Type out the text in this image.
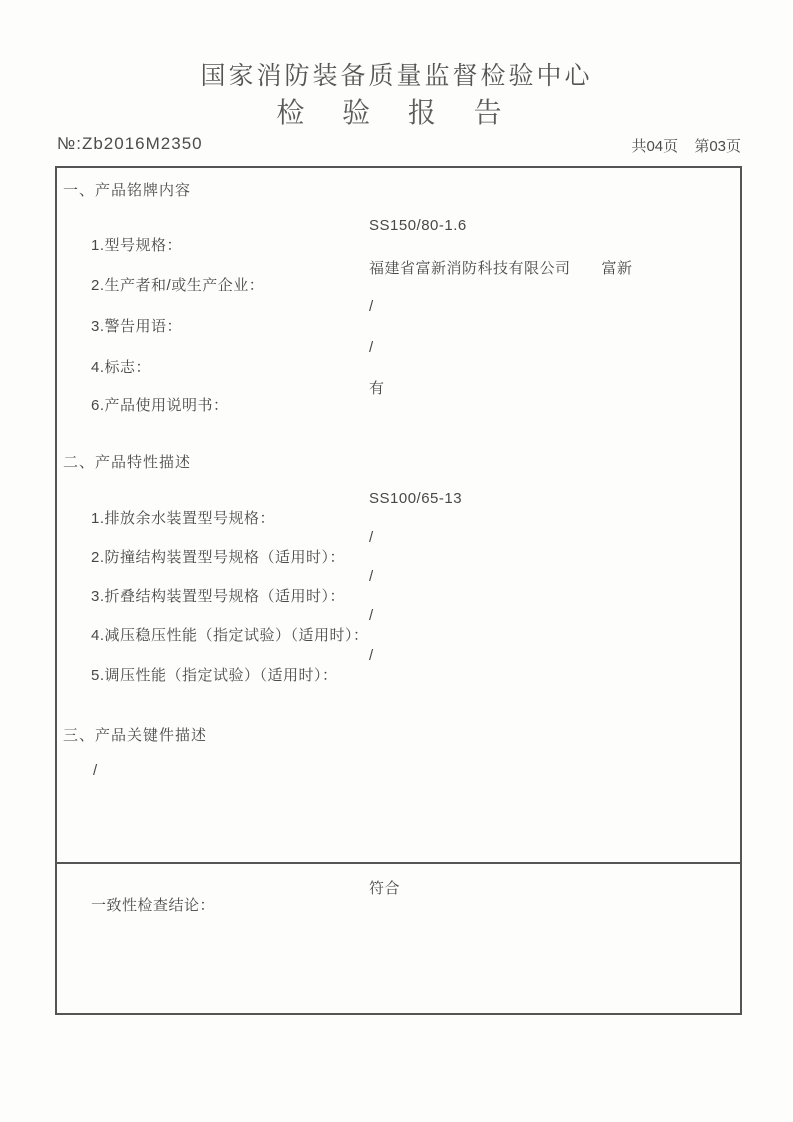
国家消防装备质量监督检验中心
检 验 报 告
№:Zb2016M2350	共04页 第03页
一、产品铭牌内容

1.型号规格：

SS150/80-1.6

2.生产者和/或生产企业：

福建省富新消防科技有限公司　　富新

3.警告用语：

/

4.标志：

/

6.产品使用说明书：

有

二、产品特性描述

1.排放余水装置型号规格：

SS100/65-13

2.防撞结构装置型号规格（适用时）：

/

3.折叠结构装置型号规格（适用时）：

/

4.减压稳压性能（指定试验）（适用时）：

/

5.调压性能（指定试验）（适用时）：

/

三、产品关键件描述
/

一致性检查结论：

符合
